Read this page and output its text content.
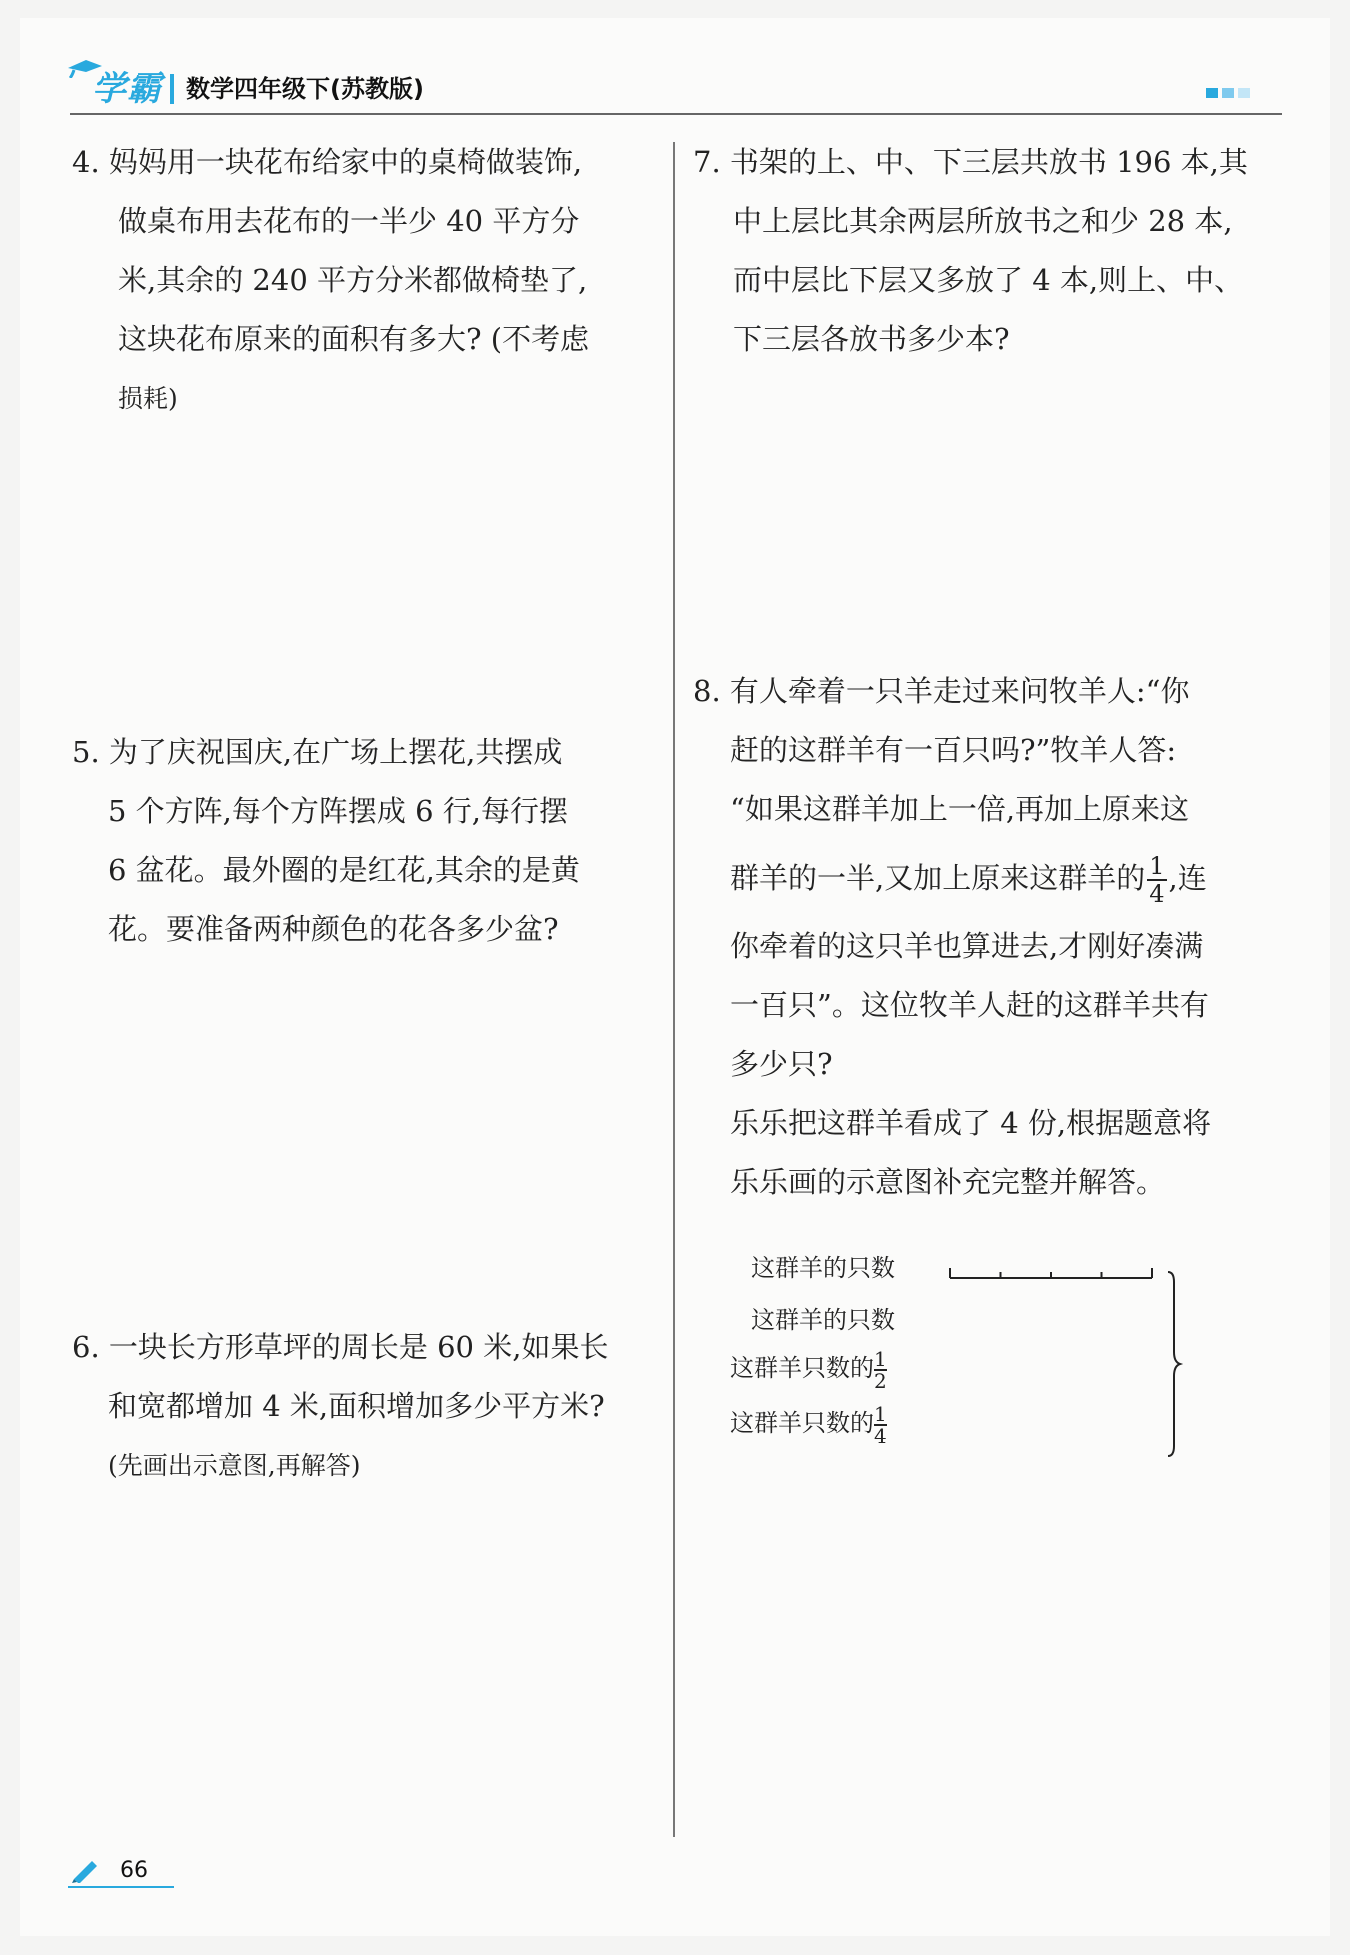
学霸 数学四年级下(苏教版)
4. 妈妈用一块花布给家中的桌椅做装饰,
做桌布用去花布的一半少 40 平方分
米,其余的 240 平方分米都做椅垫了,
这块花布原来的面积有多大? (不考虑
损耗)
5. 为了庆祝国庆,在广场上摆花,共摆成
5 个方阵,每个方阵摆成 6 行,每行摆
6 盆花。最外圈的是红花,其余的是黄
花。要准备两种颜色的花各多少盆?
6. 一块长方形草坪的周长是 60 米,如果长
和宽都增加 4 米,面积增加多少平方米?
(先画出示意图,再解答)
7. 书架的上、中、下三层共放书 196 本,其
中上层比其余两层所放书之和少 28 本,
而中层比下层又多放了 4 本,则上、中、
下三层各放书多少本?
8. 有人牵着一只羊走过来问牧羊人:“你
赶的这群羊有一百只吗?”牧羊人答:
“如果这群羊加上一倍,再加上原来这
群羊的一半,又加上原来这群羊的 $\frac{1}{4}$ ,连
你牵着的这只羊也算进去,才刚好凑满
一百只”。这位牧羊人赶的这群羊共有
多少只?
乐乐把这群羊看成了 4 份,根据题意将
乐乐画的示意图补充完整并解答。
这群羊的只数
这群羊的只数
这群羊只数的 $\frac{1}{2}$
这群羊只数的 $\frac{1}{4}$
66
